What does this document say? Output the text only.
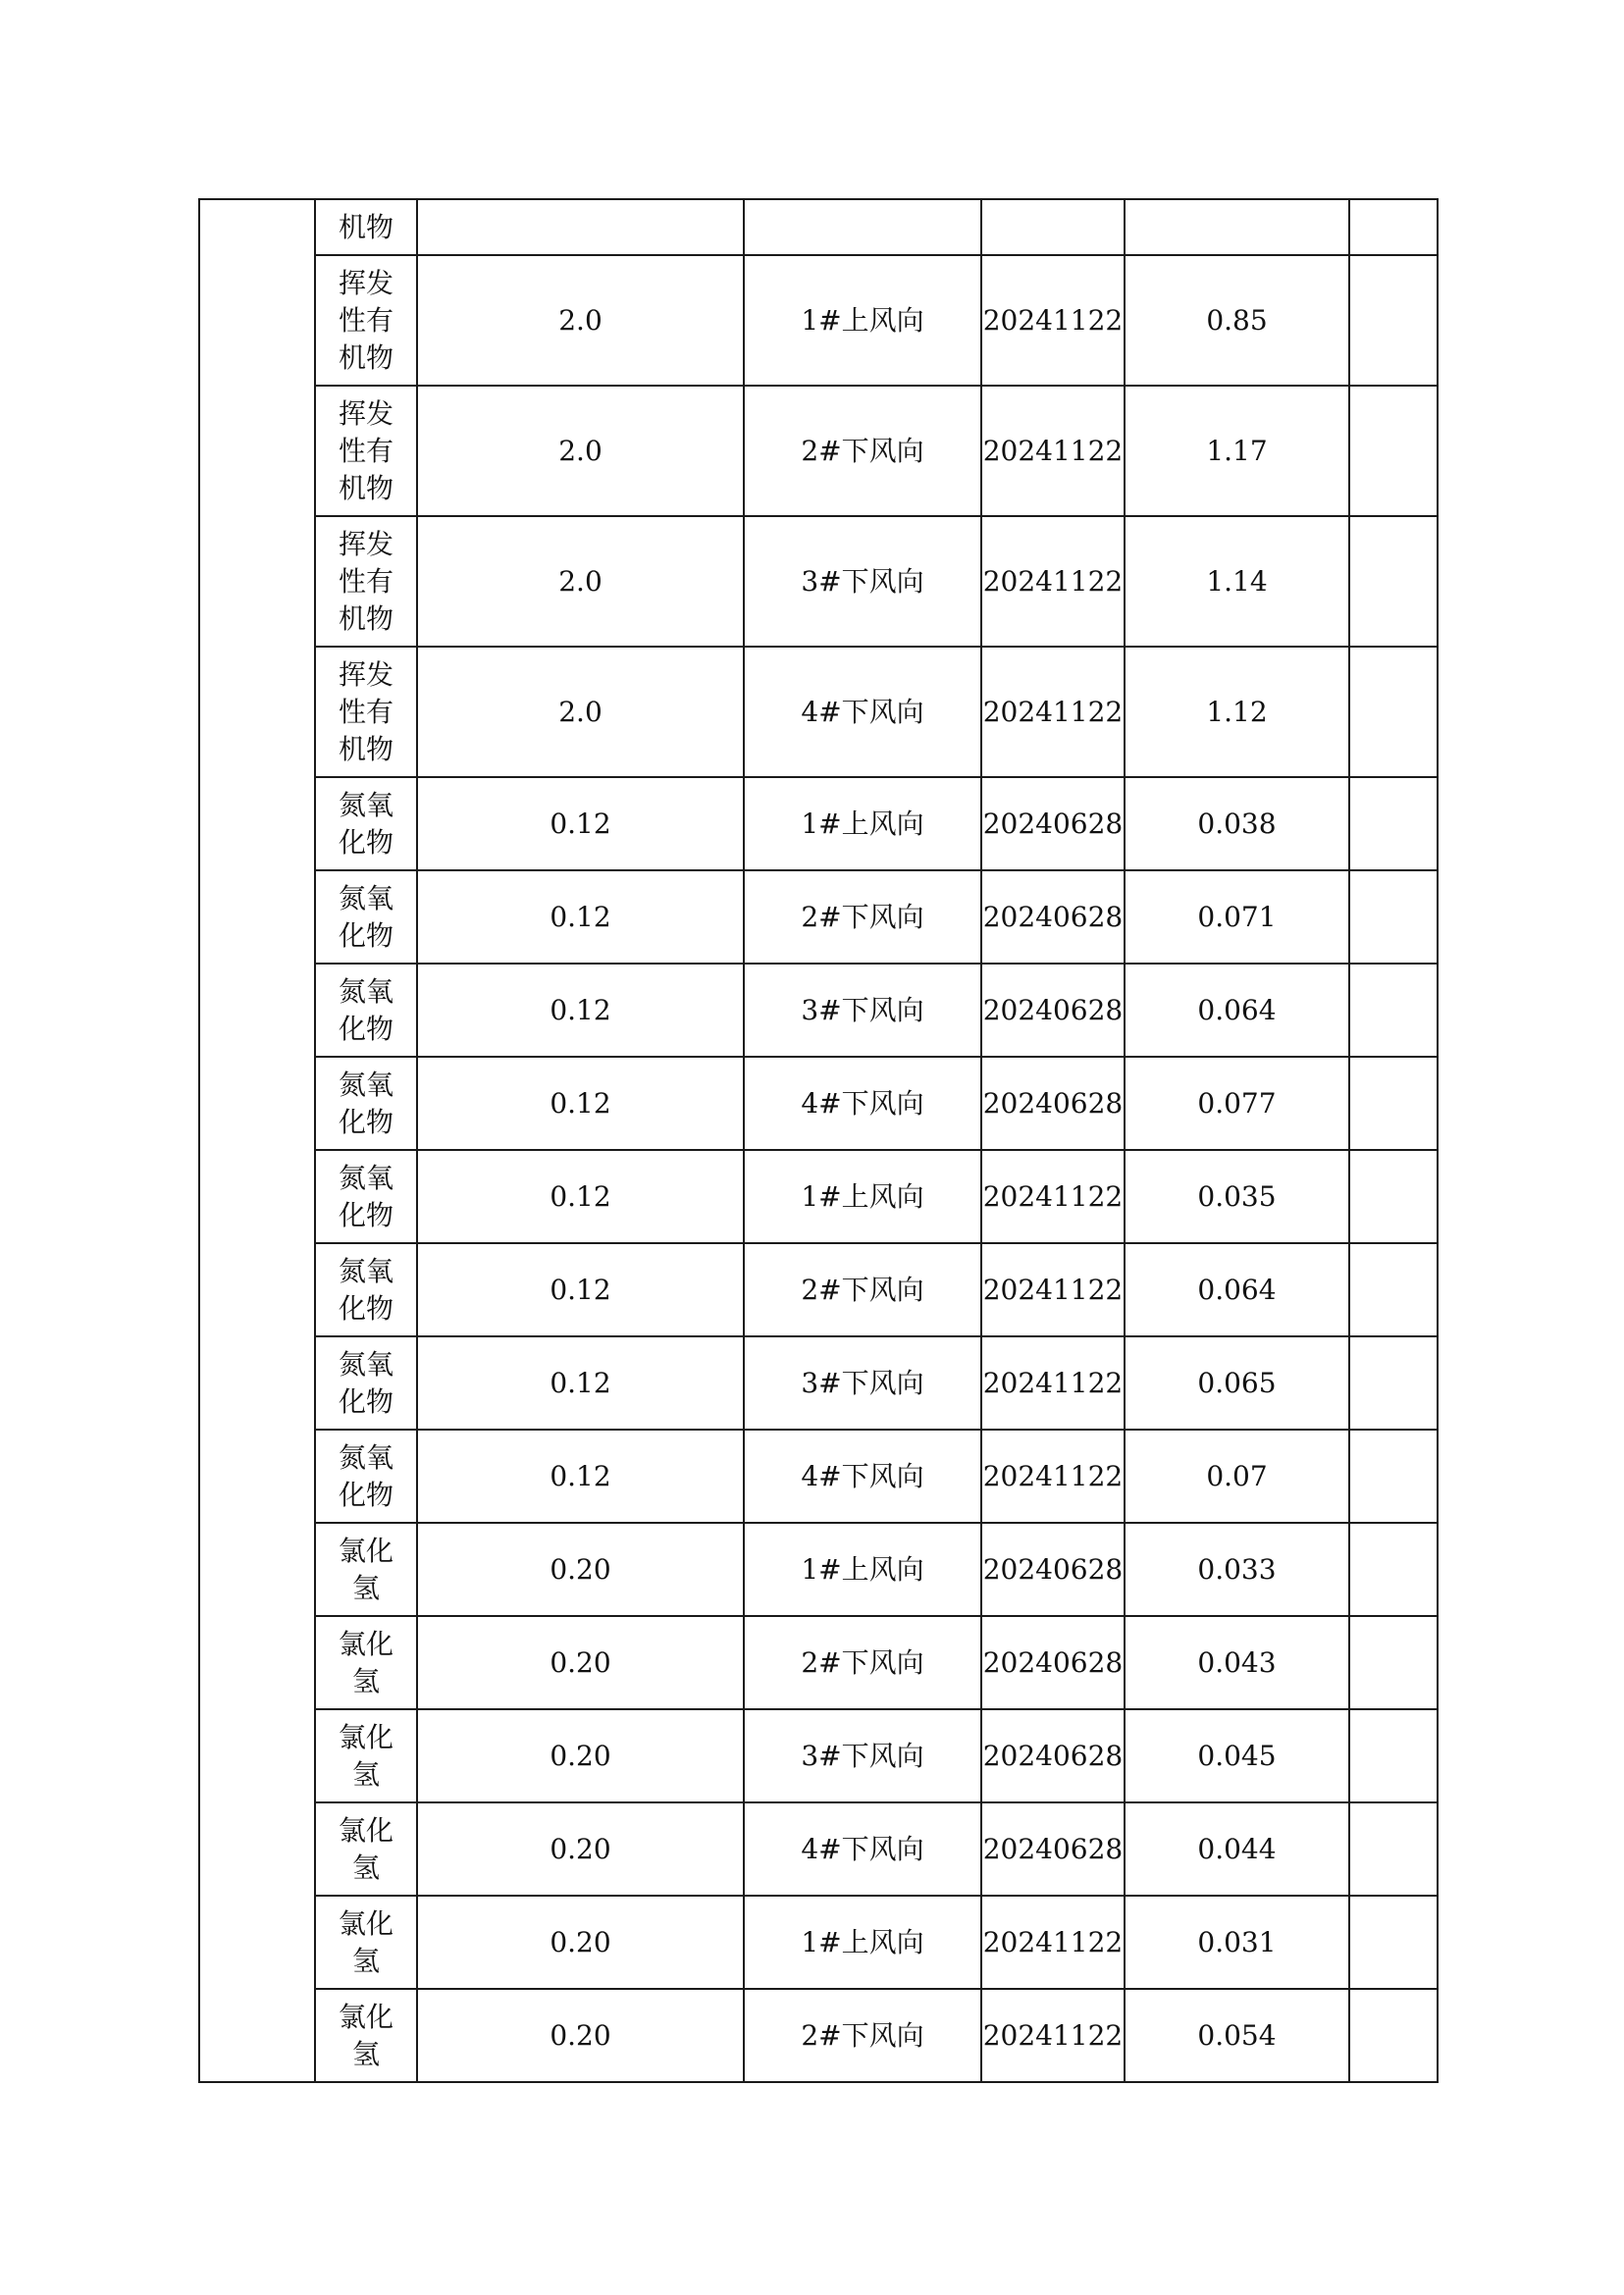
	机物					
	挥发性有机物	2.0	1#上风向	20241122	0.85	
	挥发性有机物	2.0	2#下风向	20241122	1.17	
	挥发性有机物	2.0	3#下风向	20241122	1.14	
	挥发性有机物	2.0	4#下风向	20241122	1.12	
	氮氧化物	0.12	1#上风向	20240628	0.038	
	氮氧化物	0.12	2#下风向	20240628	0.071	
	氮氧化物	0.12	3#下风向	20240628	0.064	
	氮氧化物	0.12	4#下风向	20240628	0.077	
	氮氧化物	0.12	1#上风向	20241122	0.035	
	氮氧化物	0.12	2#下风向	20241122	0.064	
	氮氧化物	0.12	3#下风向	20241122	0.065	
	氮氧化物	0.12	4#下风向	20241122	0.07	
	氯化氢	0.20	1#上风向	20240628	0.033	
	氯化氢	0.20	2#下风向	20240628	0.043	
	氯化氢	0.20	3#下风向	20240628	0.045	
	氯化氢	0.20	4#下风向	20240628	0.044	
	氯化氢	0.20	1#上风向	20241122	0.031	
	氯化氢	0.20	2#下风向	20241122	0.054	
